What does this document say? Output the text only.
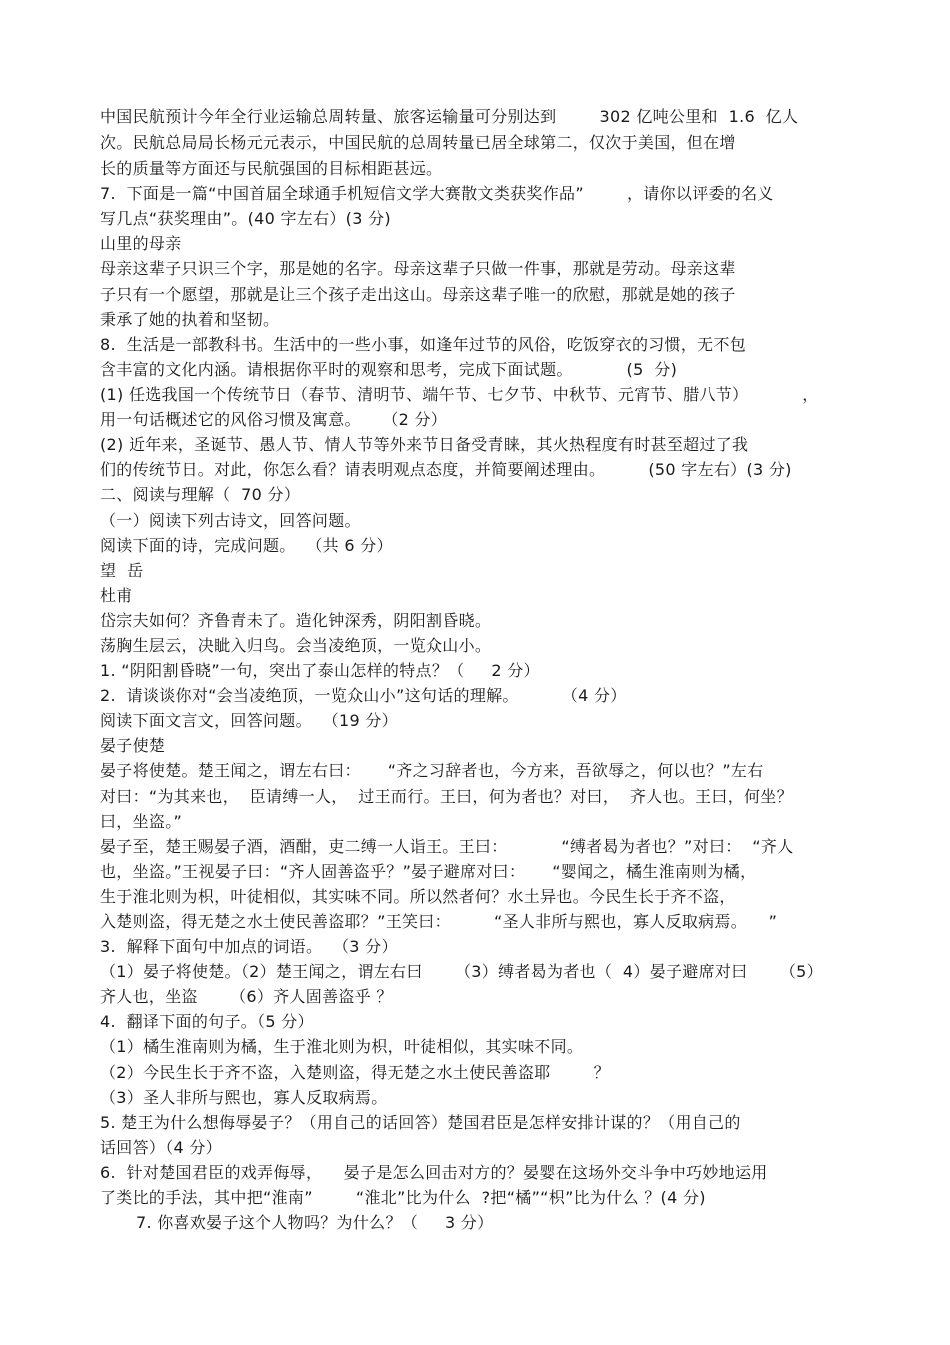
中国民航预计今年全行业运输总周转量、旅客运输量可分别达到        302 亿吨公里和  1.6  亿人
次。民航总局局长杨元元表示，中国民航的总周转量已居全球第二，仅次于美国，但在增
长的质量等方面还与民航强国的目标相距甚远。
7.  下面是一篇“中国首届全球通手机短信文学大赛散文类获奖作品”        ，请你以评委的名义
写几点“获奖理由”。(40 字左右）(3 分)
山里的母亲
母亲这辈子只识三个字，那是她的名字。母亲这辈子只做一件事，那就是劳动。母亲这辈
子只有一个愿望，那就是让三个孩子走出这山。母亲这辈子唯一的欣慰，那就是她的孩子
秉承了她的执着和坚韧。
8.  生活是一部教科书。生活中的一些小事，如逢年过节的风俗，吃饭穿衣的习惯，无不包
含丰富的文化内涵。请根据你平时的观察和思考，完成下面试题。          (5  分)
(1) 任选我国一个传统节日（春节、清明节、端午节、七夕节、中秋节、元宵节、腊八节）          ，
用一句话概述它的风俗习惯及寓意。    （2 分）
(2) 近年来，圣诞节、愚人节、情人节等外来节日备受青睐，其火热程度有时甚至超过了我
们的传统节日。对此，你怎么看？请表明观点态度，并简要阐述理由。        (50 字左右）(3 分)
二、阅读与理解（  70 分）
（一）阅读下列古诗文，回答问题。
阅读下面的诗，完成问题。  （共 6 分）
望  岳
杜甫
岱宗夫如何？齐鲁青未了。造化钟深秀，阴阳割昏晓。
荡胸生层云，决眦入归鸟。会当凌绝顶，一览众山小。
1. “阴阳割昏晓”一句，突出了泰山怎样的特点？（     2 分）
2.  请谈谈你对“会当凌绝顶，一览众山小”这句话的理解。        （4 分）
阅读下面文言文，回答问题。  （19 分）
晏子使楚
晏子将使楚。楚王闻之，谓左右曰：     “齐之习辞者也，今方来，吾欲辱之，何以也？”左右
对曰：“为其来也，  臣请缚一人，  过王而行。王曰，何为者也？对曰，  齐人也。王曰，何坐？
曰，坐盗。”
晏子至，楚王赐晏子酒，酒酣，吏二缚一人诣王。王曰：          “缚者曷为者也？”对曰：  “齐人
也，坐盗。”王视晏子曰：“齐人固善盗乎？”晏子避席对曰：     “婴闻之，橘生淮南则为橘，
生于淮北则为枳，叶徒相似，其实味不同。所以然者何？水土异也。今民生长于齐不盗，
入楚则盗，得无楚之水土使民善盗耶？”王笑曰：        “圣人非所与熙也，寡人反取病焉。    ”
3.  解释下面句中加点的词语。  （3 分）
（1）晏子将使楚。（2）楚王闻之，谓左右曰      （3）缚者曷为者也（  4）晏子避席对曰      （5）
齐人也，坐盗      （6）齐人固善盗乎 ？
4.  翻译下面的句子。（5 分）
（1）橘生淮南则为橘，生于淮北则为枳，叶徒相似，其实味不同。
（2）今民生长于齐不盗，入楚则盗，得无楚之水土使民善盗耶        ？
（3）圣人非所与熙也，寡人反取病焉。
5. 楚王为什么想侮辱晏子？（用自己的话回答）楚国君臣是怎样安排计谋的？（用自己的
话回答）（4 分）
6.  针对楚国君臣的戏弄侮辱，    晏子是怎么回击对方的？晏婴在这场外交斗争中巧妙地运用
了类比的手法，其中把“淮南”        “淮北”比为什么  ?把“橘”“枳”比为什么 ？(4 分)
7. 你喜欢晏子这个人物吗？为什么？（     3 分）
